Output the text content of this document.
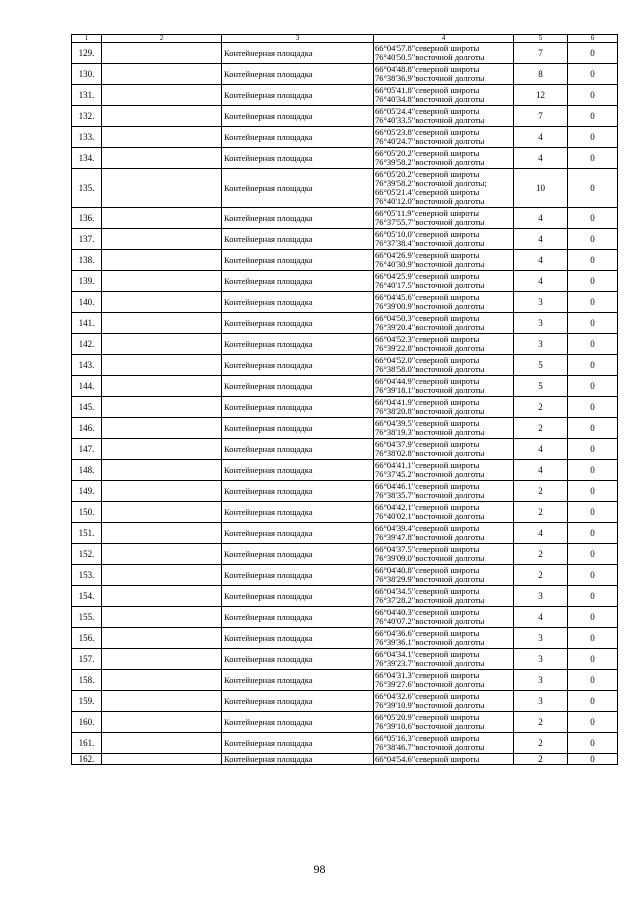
1	2	3	4	5	6
129.		Контейнерная площадка	66°04'57.8"северной широты
76°40'50.5"восточной долготы	7	0
130.		Контейнерная площадка	66°04'48.8"северной широты
76°38'36.9"восточной долготы	8	0
131.		Контейнерная площадка	66°05'41.8"северной широты
76°40'34.8"восточной долготы	12	0
132.		Контейнерная площадка	66°05'24.4"северной широты
76°40'33.5"восточной долготы	7	0
133.		Контейнерная площадка	66°05'23.8"северной широты
76°40'24.7"восточной долготы	4	0
134.		Контейнерная площадка	66°05'20.2"северной широты
76°39'58.2"восточной долготы	4	0
135.		Контейнерная площадка	66°05'20.2"северной широты
76°39'58.2"восточной долготы;
66°05'21.4"северной широты
76°40'12.0"восточной долготы	10	0
136.		Контейнерная площадка	66°05'11.9"северной широты
76°37'55.7"восточной долготы	4	0
137.		Контейнерная площадка	66°05'10.0"северной широты
76°37'38.4"восточной долготы	4	0
138.		Контейнерная площадка	66°04'26.9"северной широты
76°40'30.9"восточной долготы	4	0
139.		Контейнерная площадка	66°04'25.9"северной широты
76°40'17.5"восточной долготы	4	0
140.		Контейнерная площадка	66°04'45.6"северной широты
76°39'00.9"восточной долготы	3	0
141.		Контейнерная площадка	66°04'50.3"северной широты
76°39'20.4"восточной долготы	3	0
142.		Контейнерная площадка	66°04'52.3"северной широты
76°39'22.8"восточной долготы	3	0
143.		Контейнерная площадка	66°04'52.0"северной широты
76°38'58.0"восточной долготы	5	0
144.		Контейнерная площадка	66°04'44.9"северной широты
76°39'18.1"восточной долготы	5	0
145.		Контейнерная площадка	66°04'41.9"северной широты
76°38'20.8"восточной долготы	2	0
146.		Контейнерная площадка	66°04'39.5"северной широты
76°38'19.3"восточной долготы	2	0
147.		Контейнерная площадка	66°04'37.9"северной широты
76°38'02.8"восточной долготы	4	0
148.		Контейнерная площадка	66°04'41.1"северной широты
76°37'45.2"восточной долготы	4	0
149.		Контейнерная площадка	66°04'46.1"северной широты
76°38'35.7"восточной долготы	2	0
150.		Контейнерная площадка	66°04'42.1"северной широты
76°40'02.1"восточной долготы	2	0
151.		Контейнерная площадка	66°04'39.4"северной широты
76°39'47.8"восточной долготы	4	0
152.		Контейнерная площадка	66°04'37.5"северной широты
76°39'09.0"восточной долготы	2	0
153.		Контейнерная площадка	66°04'40.8"северной широты
76°38'29.9"восточной долготы	2	0
154.		Контейнерная площадка	66°04'34.5"северной широты
76°37'28.2"восточной долготы	3	0
155.		Контейнерная площадка	66°04'40.3"северной широты
76°40'07.2"восточной долготы	4	0
156.		Контейнерная площадка	66°04'36.6"северной широты
76°39'36.1"восточной долготы	3	0
157.		Контейнерная площадка	66°04'34.1"северной широты
76°39'23.7"восточной долготы	3	0
158.		Контейнерная площадка	66°04'31.3"северной широты
76°39'27.6"восточной долготы	3	0
159.		Контейнерная площадка	66°04'32.6"северной широты
76°39'10.9"восточной долготы	3	0
160.		Контейнерная площадка	66°05'20.9"северной широты
76°39'10.6"восточной долготы	2	0
161.		Контейнерная площадка	66°05'16.3"северной широты
76°38'46.7"восточной долготы	2	0
162.		Контейнерная площадка	66°04'54.6"северной широты	2	0
98
